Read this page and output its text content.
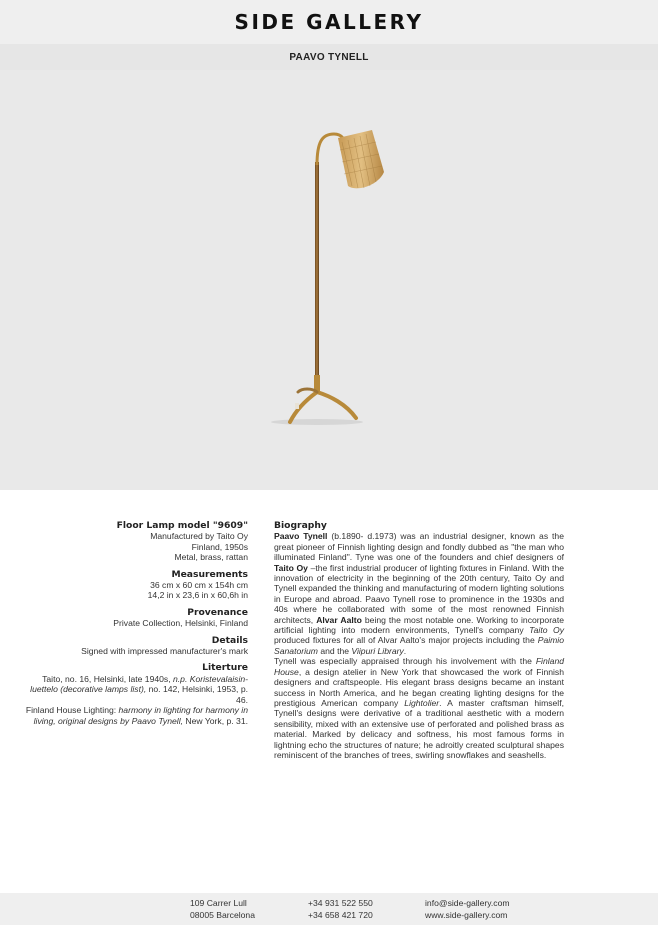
SIDE GALLERY
PAAVO TYNELL
Floor Lamp model "9609"
Manufactured by Taito Oy
Finland, 1950s
Metal, brass, rattan
Measurements
36 cm x 60 cm x 154h cm
14,2 in x 23,6 in x 60,6h in
Provenance
Private Collection, Helsinki, Finland
Details
Signed with impressed manufacturer's mark
Literture
Taito, no. 16, Helsinki, late 1940s, n.p. Koristevalaisin- luettelo (decorative lamps list), no. 142, Helsinki, 1953, p. 46.
Finland House Lighting: harmony in lighting for harmony in living, original designs by Paavo Tynell, New York, p. 31.
Biography

Paavo Tynell (b.1890- d.1973) was an industrial designer, known as the great pioneer of Finnish lighting design and fondly dubbed as "the man who illuminated Finland". Tyne was one of the founders and chief designers of Taito Oy –the first industrial producer of lighting fixtures in Finland. With the innovation of electricity in the beginning of the 20th century, Taito Oy and Tynell expanded the thinking and manufacturing of modern lighting solutions in Europe and abroad. Paavo Tynell rose to prominence in the 1930s and 40s where he collaborated with some of the most renowned Finnish architects, Alvar Aalto being the most notable one. Working to incorporate artificial lighting into modern environments, Tynell's company Taito Oy produced fixtures for all of Alvar Aalto's major projects including the Paimio Sanatorium and the Viipuri Library.

Tynell was especially appraised through his involvement with the Finland House, a design atelier in New York that showcased the work of Finnish designers and craftspeople. His elegant brass designs became an instant success in North America, and he began creating lighting designs for the prestigious American company Lightolier. A master craftsman himself, Tynell's designs were derivative of a traditional aesthetic with a modern sensibility, mixed with an extensive use of perforated and polished brass as material. Marked by delicacy and softness, his most famous forms in lightning echo the structures of nature; he adroitly created sculptural shapes reminiscent of the branches of trees, swirling snowflakes and seashells.

109 Carrer Lull
08005 Barcelona
+34 931 522 550
+34 658 421 720
info@side-gallery.com
www.side-gallery.com
